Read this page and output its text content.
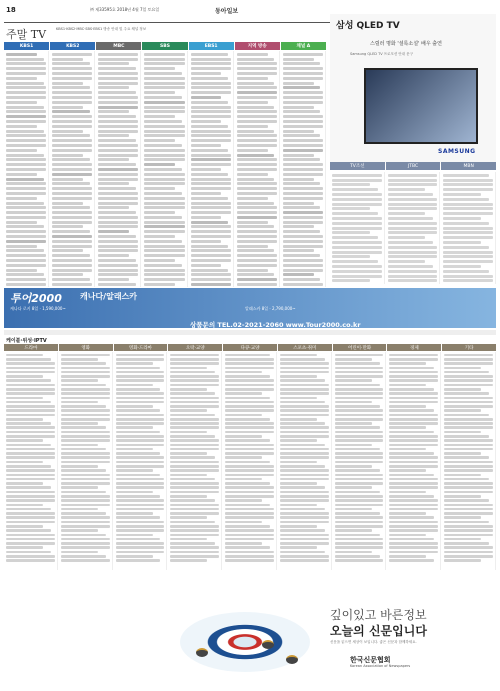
18	㈜ 제33595호 2018년 4월 7일 토요일	동아일보
주말 TV	KBS1·KBS2·MBC·SBS·EBS1 방송 안내 및 주요 채널 정보
KBS1	KBS2	MBC	SBS	EBS1	지역 방송	채널 A
삼성 QLED TV
스릴러 명화 '셜록소설' 배우 출연
Samsung QLED TV 프로모션 안내 문구
SAMSUNG
TV조선	JTBC	MBN
투어2000 캐나다/알래스카
캐나다 로키 8일 · 1,590,000~	알래스카 8일 · 2,790,000~
상품문의 TEL.02-2021-2060 www.Tour2000.co.kr
케이블·위성·IPTV
드라마	영화	영화·드라마	오락·교양	다큐·교양	스포츠·취미	어린이·만화	경제	기타
깊이있고 바른정보
오늘의 신문입니다
신문을 읽으면 세상이 보입니다. 좋은 신문과 함께하세요.
한국신문협회
Korean Association of Newspapers
